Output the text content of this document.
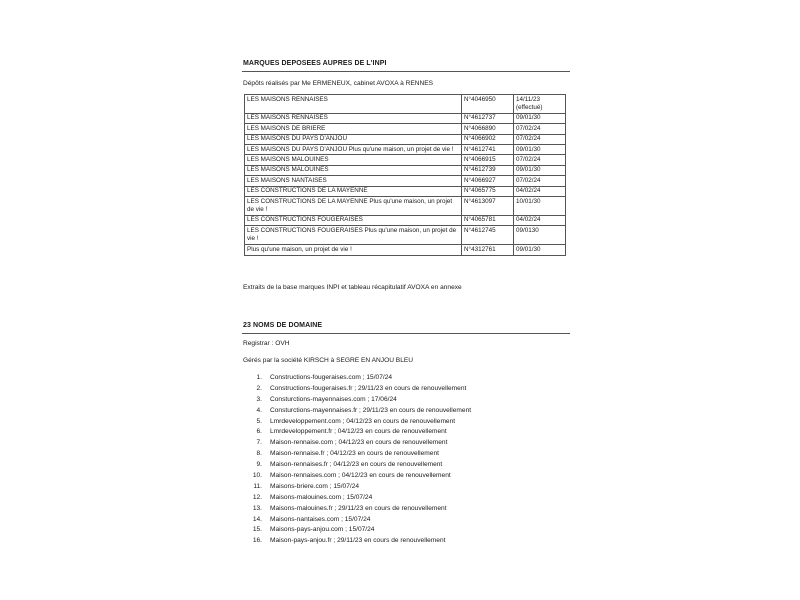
MARQUES DEPOSEES AUPRES DE L'INPI
Dépôts réalisés par Me ERMENEUX, cabinet AVOXA à RENNES
LES MAISONS RENNAISES	N°4046950	14/11/23 (effectué)
LES MAISONS RENNAISES	N°4612737	09/01/30
LES MAISONS DE BRIERE	N°4066890	07/02/24
LES MAISONS DU PAYS D'ANJOU	N°4066902	07/02/24
LES MAISONS DU PAYS D'ANJOU Plus qu'une maison, un projet de vie !	N°4612741	09/01/30
LES MAISONS MALOUINES	N°4066915	07/02/24
LES MAISONS MALOUINES	N°4612739	09/01/30
LES MAISONS NANTAISES	N°4066927	07/02/24
LES CONSTRUCTIONS DE LA MAYENNE	N°4065775	04/02/24
LES CONSTRUCTIONS DE LA MAYENNE Plus qu'une maison, un projet de vie !	N°4613097	10/01/30
LES CONSTRUCTIONS FOUGERAISES	N°4065781	04/02/24
LES CONSTRUCTIONS FOUGERAISES Plus qu'une maison, un projet de vie !	N°4612745	09/0130
Plus qu'une maison, un projet de vie !	N°4312761	09/01/30
Extraits de la base marques INPI et tableau récapitulatif AVOXA en annexe
23 NOMS DE DOMAINE
Registrar : OVH
Gérés par la société KIRSCH à SEGRE EN ANJOU BLEU
1. Constructions-fougeraises.com ; 15/07/24
2. Constructions-fougeraises.fr ; 29/11/23 en cours de renouvellement
3. Consturctions-mayennaises.com ; 17/06/24
4. Consturctions-mayennaises.fr ; 29/11/23 en cours de renouvellement
5. Lmrdeveloppement.com ; 04/12/23 en cours de renouvellement
6. Lmrdeveloppement.fr ; 04/12/23 en cours de renouvellement
7. Maison-rennaise.com ; 04/12/23 en cours de renouvellement
8. Maison-rennaise.fr ; 04/12/23 en cours de renouvellement
9. Maison-rennaises.fr ; 04/12/23 en cours de renouvellement
10. Maison-rennaises.com ; 04/12/23 en cours de renouvellement
11. Maisons-briere.com ; 15/07/24
12. Maisons-malouines.com ; 15/07/24
13. Maisons-malouines.fr ; 29/11/23 en cours de renouvellement
14. Maisons-nantaises.com ; 15/07/24
15. Maisons-pays-anjou.com ; 15/07/24
16. Maison-pays-anjou.fr ; 29/11/23 en cours de renouvellement
